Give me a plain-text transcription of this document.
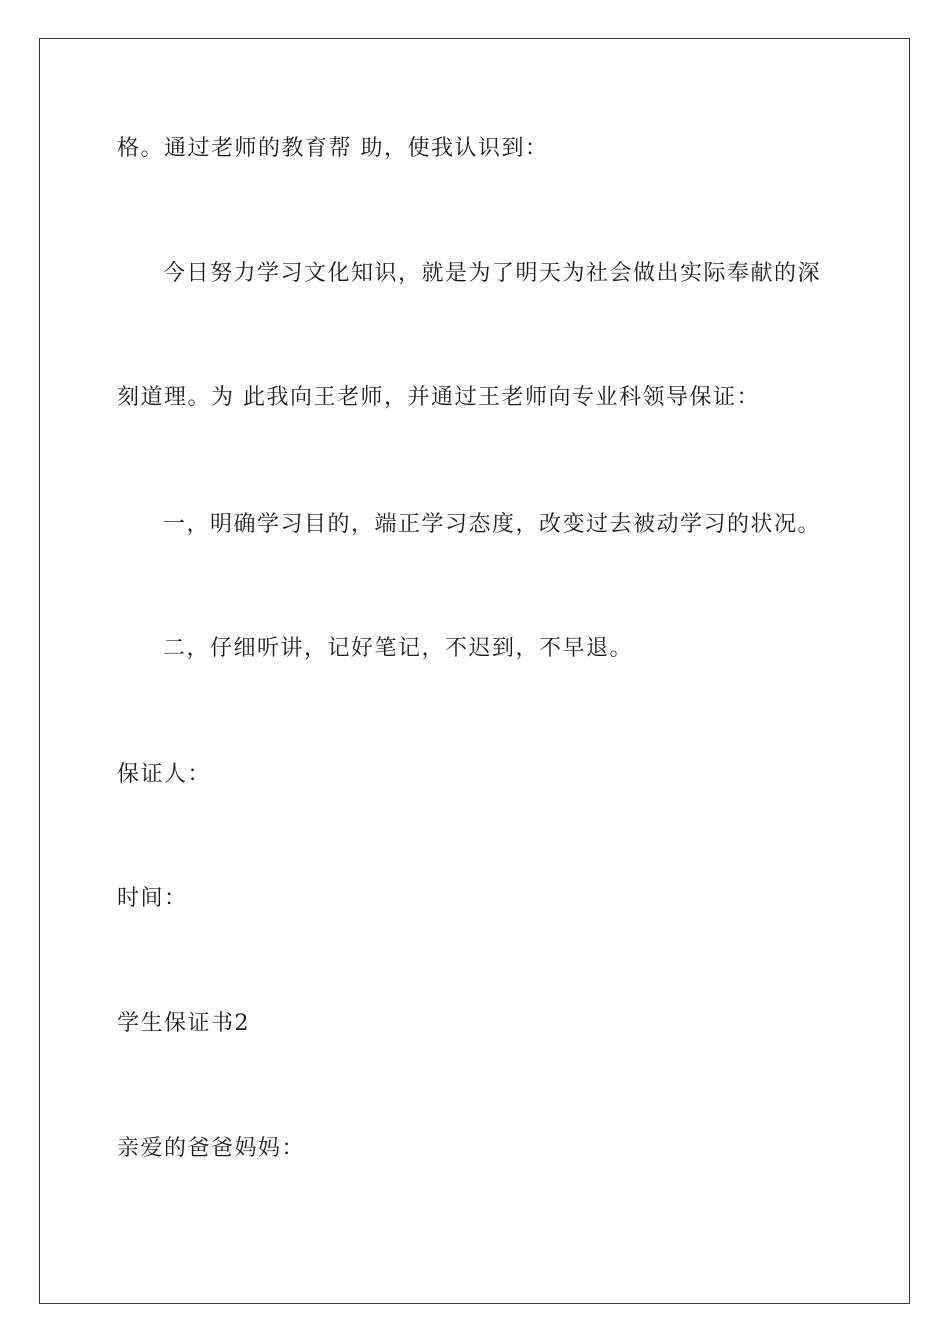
格。通过老师的教育帮 助，使我认识到：
今日努力学习文化知识，就是为了明天为社会做出实际奉献的深
刻道理。为 此我向王老师，并通过王老师向专业科领导保证：
一，明确学习目的，端正学习态度，改变过去被动学习的状况。
二，仔细听讲，记好笔记，不迟到，不早退。
保证人：
时间：
学生保证书2
亲爱的爸爸妈妈：
